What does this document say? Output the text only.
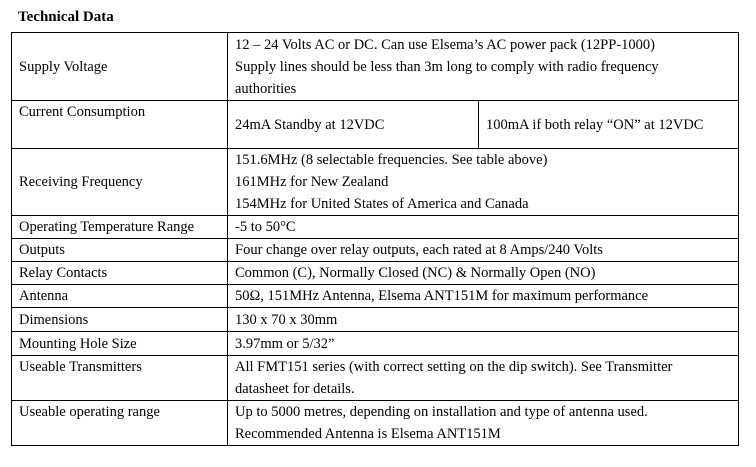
Technical Data
Supply Voltage	12 – 24 Volts AC or DC. Can use Elsema’s AC power pack (12PP-1000)
Supply lines should be less than 3m long to comply with radio frequency
authorities	

Current Consumption	24mA Standby at 12VDC	100mA if both relay “ON” at 12VDC
Receiving Frequency	151.6MHz (8 selectable frequencies. See table above)
161MHz for New Zealand
154MHz for United States of America and Canada	

Operating Temperature Range	-5 to 50°C	
Outputs	Four change over relay outputs, each rated at 8 Amps/240 Volts	
Relay Contacts	Common (C), Normally Closed (NC) & Normally Open (NO)	
Antenna	50Ω, 151MHz Antenna, Elsema ANT151M for maximum performance	
Dimensions	130 x 70 x 30mm	
Mounting Hole Size	3.97mm or 5/32”	
Useable Transmitters	All FMT151 series (with correct setting on the dip switch). See Transmitter
datasheet for details.	

Useable operating range	Up to 5000 metres, depending on installation and type of antenna used.
Recommended Antenna is Elsema ANT151M	
